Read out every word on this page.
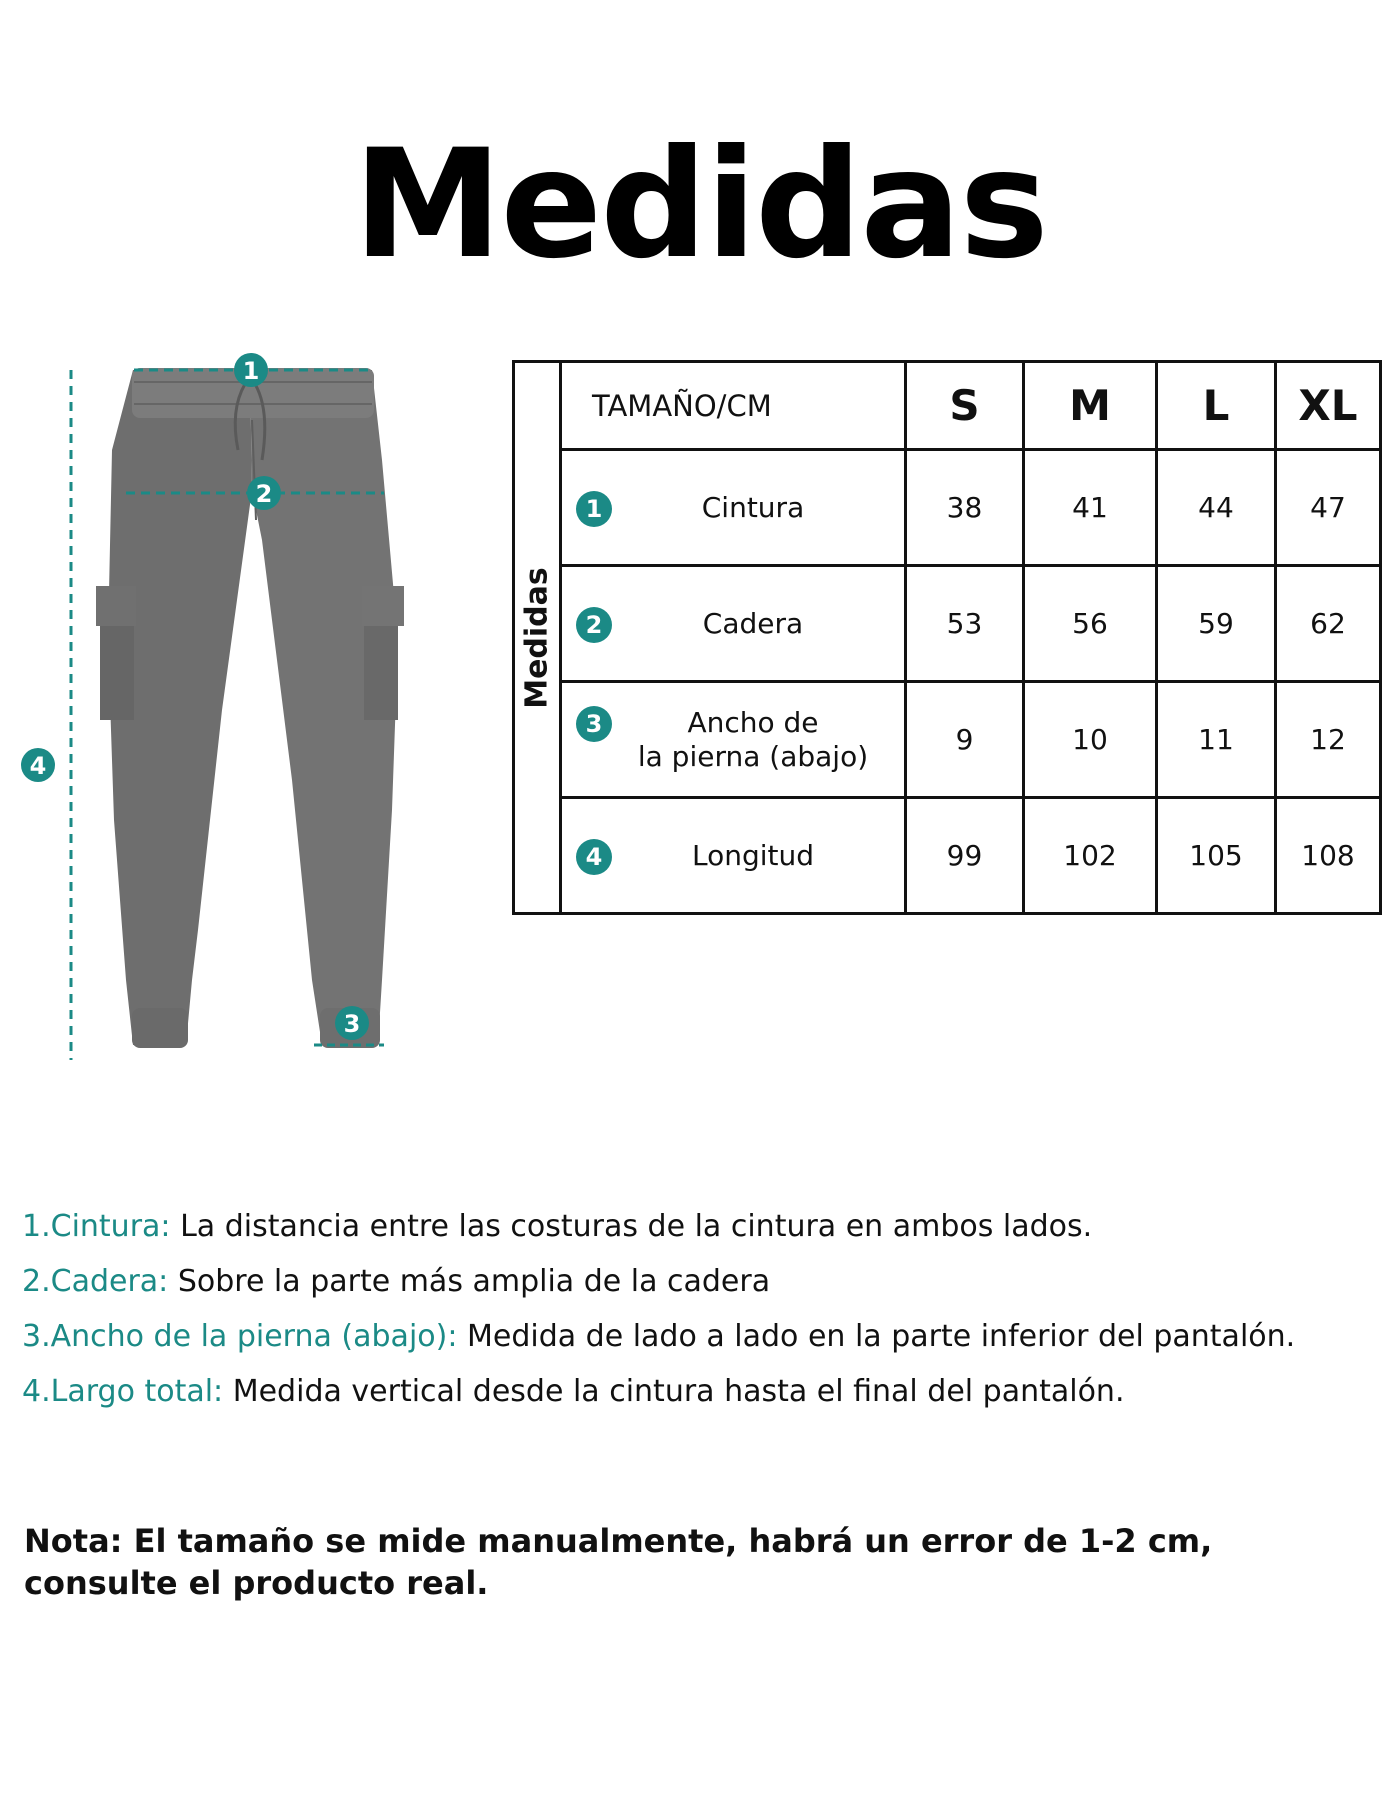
Medidas
1
2
3
4
Medidas	TAMAÑO/CM	S	M	L	XL

1 Cintura	38	41	44	47

2 Cadera	53	56	59	62

3 Ancho de
la pierna (abajo)	9	10	11	12

4 Longitud	99	102	105	108
1.Cintura: La distancia entre las costuras de la cintura en ambos lados.
2.Cadera: Sobre la parte más amplia de la cadera
3.Ancho de la pierna (abajo): Medida de lado a lado en la parte inferior del pantalón.
4.Largo total: Medida vertical desde la cintura hasta el final del pantalón.
Nota: El tamaño se mide manualmente, habrá un error de 1-2 cm,
consulte el producto real.
